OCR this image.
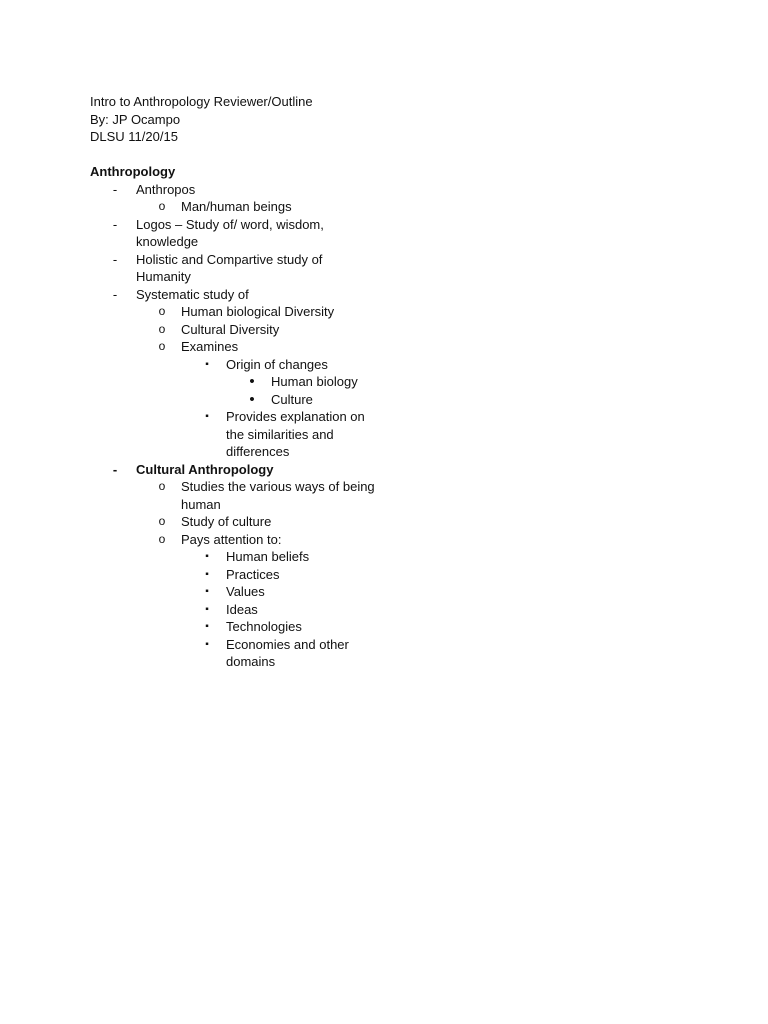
Intro to Anthropology Reviewer/Outline
By: JP Ocampo
DLSU 11/20/15
Anthropology
-	Anthropos
o Man/human beings
-	Logos – Study of/ word, wisdom, knowledge
-	Holistic and Compartive study of Humanity
-	Systematic study of
o Human biological Diversity
o Cultural Diversity
o Examines
▪	Origin of changes
•	Human biology
•	Culture
▪	Provides explanation on the similarities and differences
-	Cultural Anthropology
o Studies the various ways of being human
o Study of culture
o Pays attention to:
▪	Human beliefs
▪	Practices
▪	Values
▪	Ideas
▪	Technologies
▪	Economies and other domains
